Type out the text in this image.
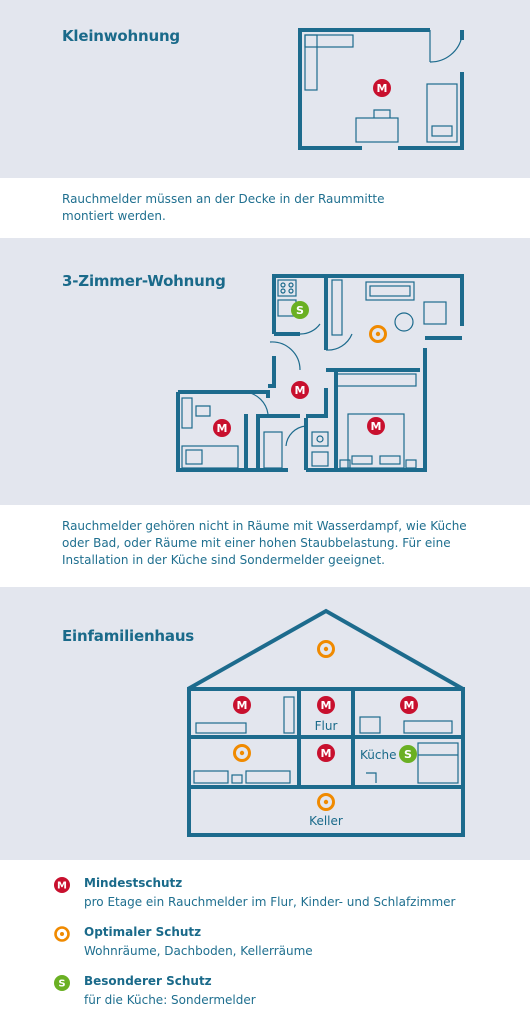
Kleinwohnung
M
Rauchmelder müssen an der Decke in der Raummitte montiert werden.
3-Zimmer-Wohnung
S
M
M	M
Rauchmelder gehören nicht in Räume mit Wasserdampf, wie Küche oder Bad, oder Räume mit einer hohen Staubbelastung. Für eine Installation in der Küche sind Sondermelder geeignet.
Einfamilienhaus
M	M
Flur
M
M Küche S
Keller
M Mindestschutz
pro Etage ein Rauchmelder im Flur, Kinder- und Schlafzimmer
Optimaler Schutz
Wohnräume, Dachboden, Kellerräume
S Besonderer Schutz
für die Küche: Sondermelder
